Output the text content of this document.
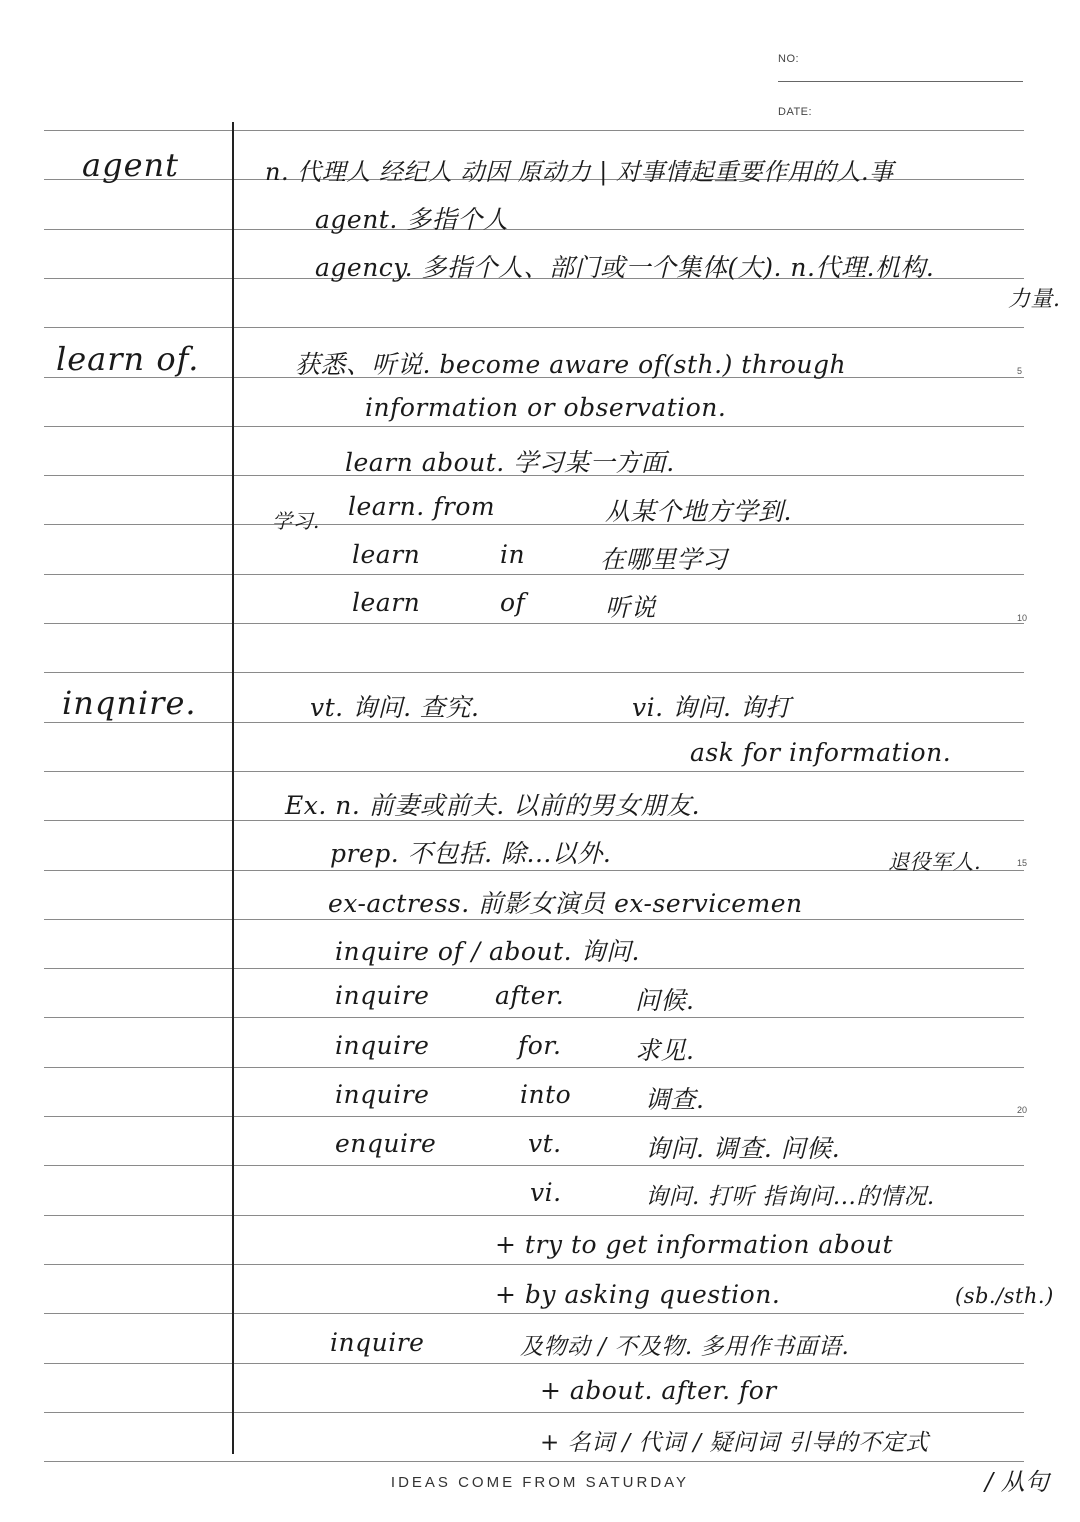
NO:
DATE:
5
10
15
20
agent	n. 代理人 经纪人 动因 原动力 | 对事情起重要作用的人.事
agent. 多指个人
agency. 多指个人、部门或一个集体(大). n.代理.机构.
力量.
learn of.	获悉、听说. become aware of(sth.) through
information or observation.
learn about. 学习某一方面.
学习. learn. from	从某个地方学到.
learn	in	在哪里学习
learn	of	听说
inqnire.	vt. 询问. 查究.	vi. 询问. 询打
ask for information.
Ex. n. 前妻或前夫. 以前的男女朋友.
prep. 不包括. 除...以外.	退役军人.
ex-actress. 前影女演员 ex-servicemen
inquire of / about. 询问.
inquire	after.	问候.
inquire	for.	求见.
inquire	into	调查.
enquire	vt.	询问. 调查. 问候.
vi.	询问. 打听 指询问...的情况.
+ try to get information about
+ by asking question.	(sb./sth.)
inquire	及物动 / 不及物. 多用作书面语.
+ about. after. for
+ 名词 / 代词 / 疑问词 引导的不定式
IDEAS COME FROM SATURDAY	/ 从句
